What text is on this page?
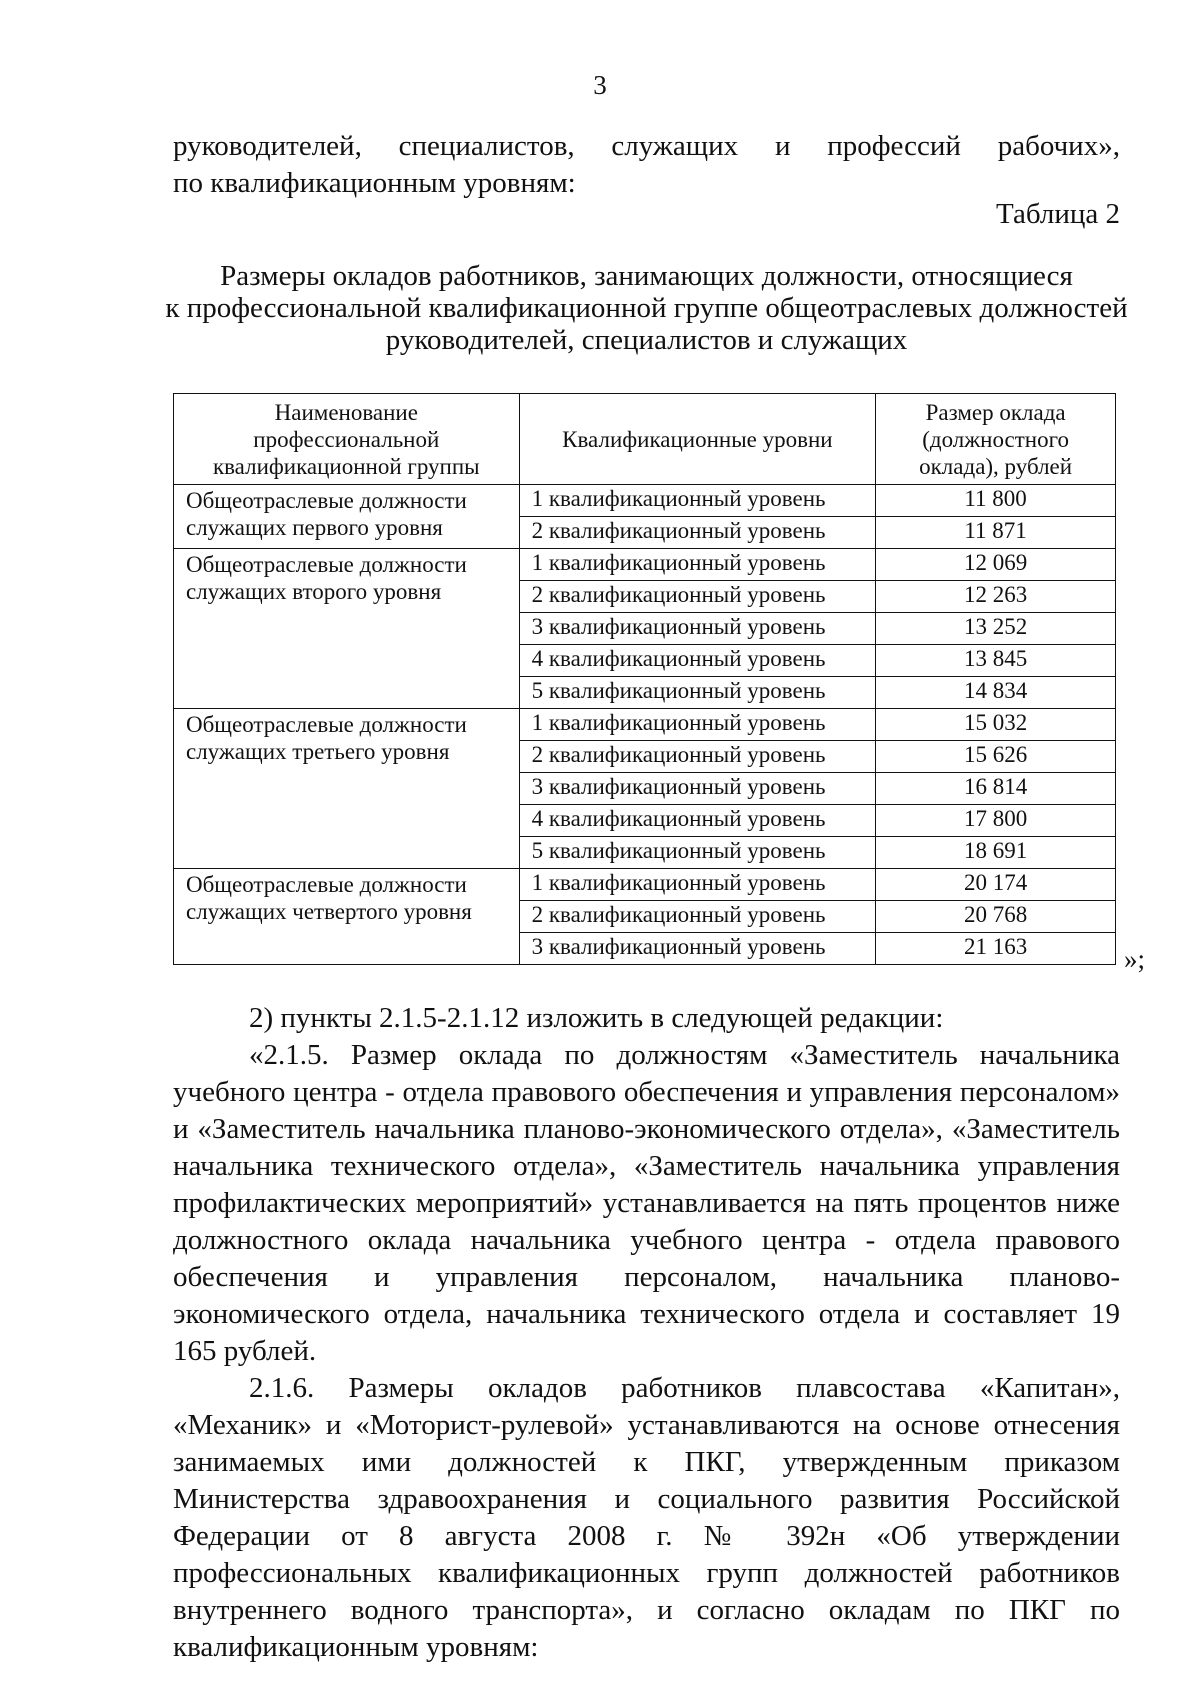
3
руководителей, специалистов, служащих и профессий рабочих»,
по квалификационным уровням:
Таблица 2
Размеры окладов работников, занимающих должности, относящиеся
к профессиональной квалификационной группе общеотраслевых должностей
руководителей, специалистов и служащих
Наименование профессиональной квалификационной группы	Квалификационные уровни	Размер оклада (должностного оклада), рублей
Общеотраслевые должности служащих первого уровня	1 квалификационный уровень	11 800
	2 квалификационный уровень	11 871
Общеотраслевые должности служащих второго уровня	1 квалификационный уровень	12 069
	2 квалификационный уровень	12 263
	3 квалификационный уровень	13 252
	4 квалификационный уровень	13 845
	5 квалификационный уровень	14 834
Общеотраслевые должности служащих третьего уровня	1 квалификационный уровень	15 032
	2 квалификационный уровень	15 626
	3 квалификационный уровень	16 814
	4 квалификационный уровень	17 800
	5 квалификационный уровень	18 691
Общеотраслевые должности служащих четвертого уровня	1 квалификационный уровень	20 174
	2 квалификационный уровень	20 768
	3 квалификационный уровень	21 163	»;

2) пункты 2.1.5-2.1.12 изложить в следующей редакции:

«2.1.5. Размер оклада по должностям «Заместитель начальника учебного центра - отдела правового обеспечения и управления персоналом» и «Заместитель начальника планово-экономического отдела», «Заместитель начальника технического отдела», «Заместитель начальника управления профилактических мероприятий» устанавливается на пять процентов ниже должностного оклада начальника учебного центра - отдела правового обеспечения и управления персоналом, начальника планово-экономического отдела, начальника технического отдела и составляет 19 165 рублей.

2.1.6. Размеры окладов работников плавсостава «Капитан», «Механик» и «Моторист-рулевой» устанавливаются на основе отнесения занимаемых ими должностей к ПКГ, утвержденным приказом Министерства здравоохранения и социального развития Российской Федерации от 8 августа 2008 г. № 392н «Об утверждении профессиональных квалификационных групп должностей работников внутреннего водного транспорта», и согласно окладам по ПКГ по квалификационным уровням:
